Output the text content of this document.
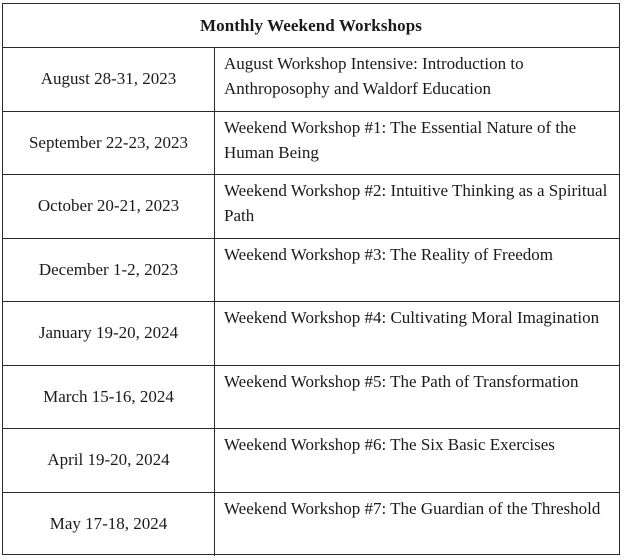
Monthly Weekend Workshops
August 28-31, 2023
August Workshop Intensive: Introduction to Anthroposophy and Waldorf Education
September 22-23, 2023
Weekend Workshop #1: The Essential Nature of the Human Being
October 20-21, 2023
Weekend Workshop #2: Intuitive Thinking as a Spiritual Path
December 1-2, 2023
Weekend Workshop #3: The Reality of Freedom
January 19-20, 2024
Weekend Workshop #4: Cultivating Moral Imagination
March 15-16, 2024
Weekend Workshop #5: The Path of Transformation
April 19-20, 2024
Weekend Workshop #6: The Six Basic Exercises
May 17-18, 2024
Weekend Workshop #7: The Guardian of the Threshold
